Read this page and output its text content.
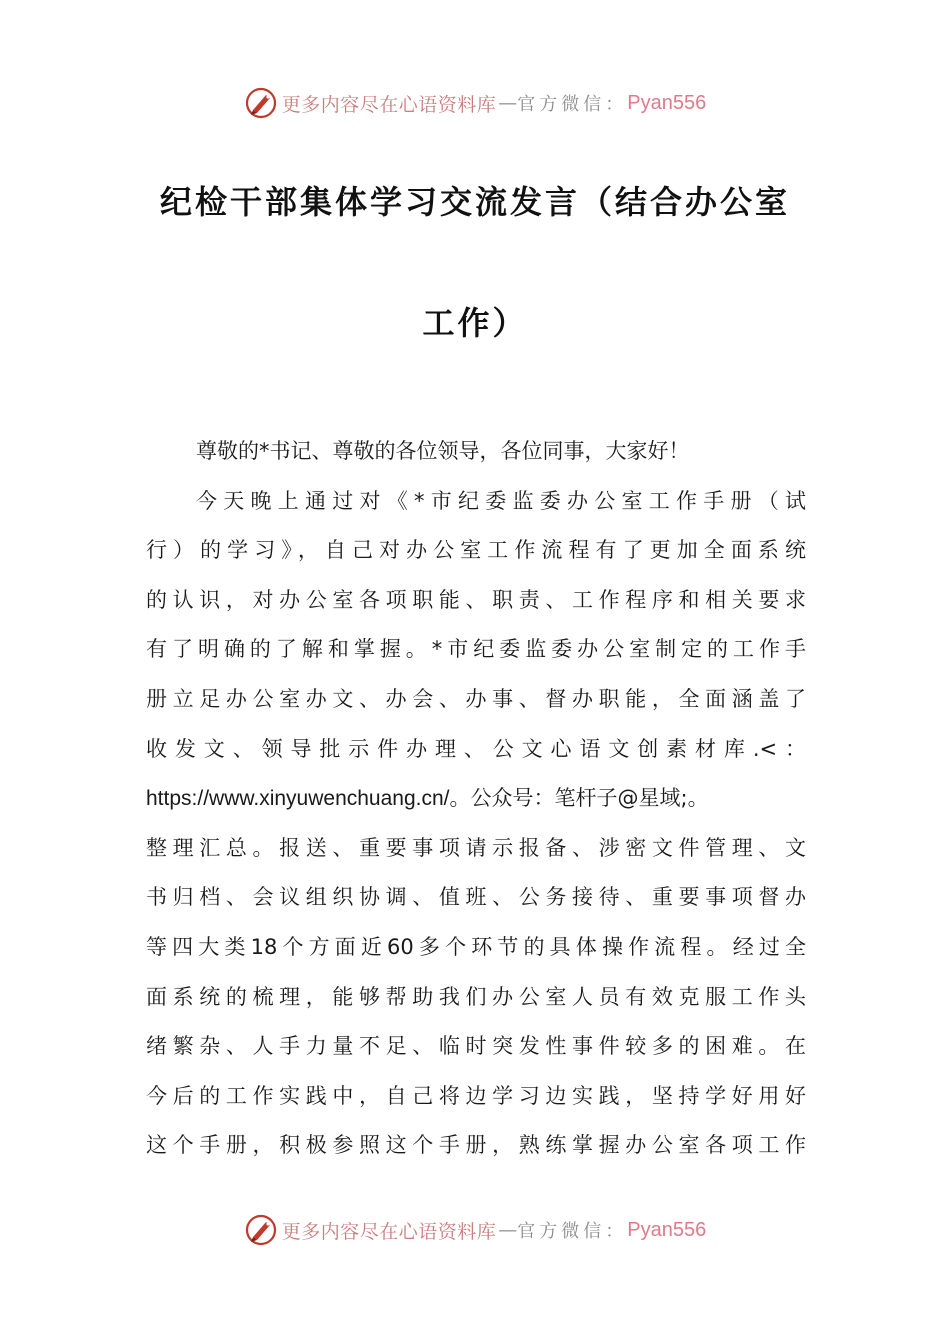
更多内容尽在心语资料库 — 官方微信： Pyan556
纪检干部集体学习交流发言（结合办公室
工作）
尊敬的*书记、尊敬的各位领导，各位同事，大家好！
今天晚上通过对《*市纪委监委办公室工作手册（试
行）的学习》，自己对办公室工作流程有了更加全面系统
的认识，对办公室各项职能、职责、工作程序和相关要求
有了明确的了解和掌握。*市纪委监委办公室制定的工作手
册立足办公室办文、办会、办事、督办职能，全面涵盖了
收发文、领导批示件办理、公文心语文创素材库.<：
https://www.xinyuwenchuang.cn/。公众号：笔杆子@星域;。
整理汇总。报送、重要事项请示报备、涉密文件管理、文
书归档、会议组织协调、值班、公务接待、重要事项督办
等四大类18个方面近60多个环节的具体操作流程。经过全
面系统的梳理，能够帮助我们办公室人员有效克服工作头
绪繁杂、人手力量不足、临时突发性事件较多的困难。在
今后的工作实践中，自己将边学习边实践，坚持学好用好
这个手册，积极参照这个手册，熟练掌握办公室各项工作
更多内容尽在心语资料库 — 官方微信： Pyan556
